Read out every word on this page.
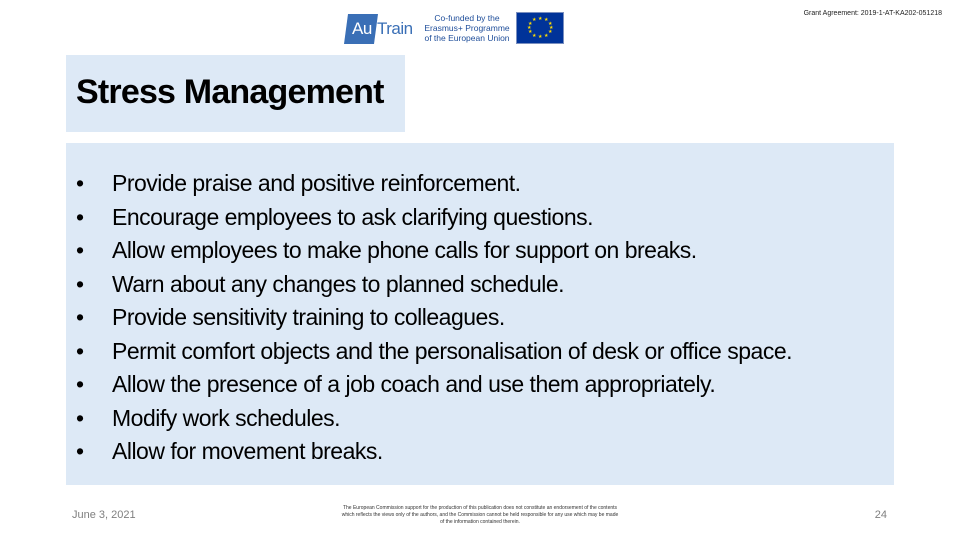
Grant Agreement: 2019-1-AT-KA202-051218
Au Train
Co-funded by the
Erasmus+ Programme
of the European Union
★ ★
★
★
★
★
★
★
★
★
★
★
Stress Management
• Provide praise and positive reinforcement.
• Encourage employees to ask clarifying questions.
• Allow employees to make phone calls for support on breaks.
• Warn about any changes to planned schedule.
• Provide sensitivity training to colleagues.
• Permit comfort objects and the personalisation of desk or office space.
• Allow the presence of a job coach and use them appropriately.
• Modify work schedules.
• Allow for movement breaks.
June 3, 2021
The European Commission support for the production of this publication does not constitute an endorsement of the contents
which reflects the views only of the authors, and the Commission cannot be held responsible for any use which may be made
of the information contained therein.
24
